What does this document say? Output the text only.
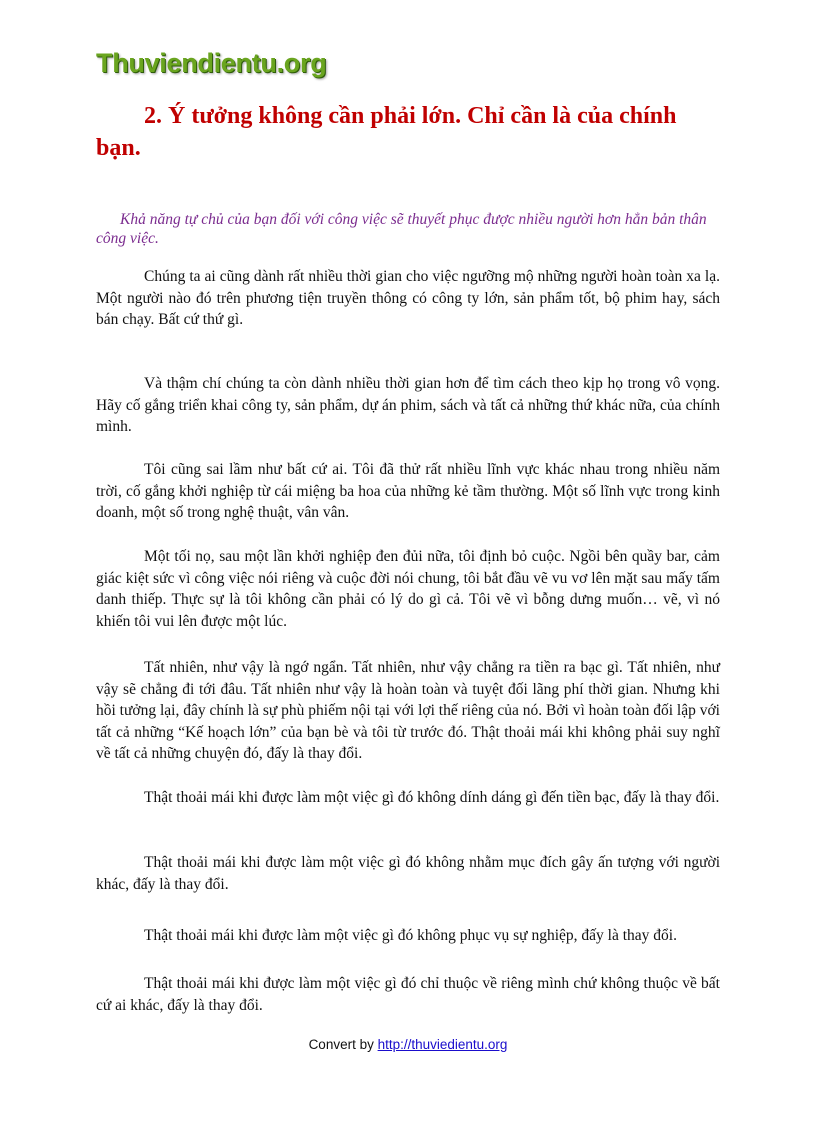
Thuviendientu.org
2. Ý tưởng không cần phải lớn. Chỉ cần là của chính bạn.

Khả năng tự chủ của bạn đối với công việc sẽ thuyết phục được nhiều người hơn hẳn bản thân công việc.

Chúng ta ai cũng dành rất nhiều thời gian cho việc ngưỡng mộ những người hoàn toàn xa lạ. Một người nào đó trên phương tiện truyền thông có công ty lớn, sản phẩm tốt, bộ phim hay, sách bán chạy. Bất cứ thứ gì.

Và thậm chí chúng ta còn dành nhiều thời gian hơn để tìm cách theo kịp họ trong vô vọng. Hãy cố gắng triển khai công ty, sản phẩm, dự án phim, sách và tất cả những thứ khác nữa, của chính mình.

Tôi cũng sai lầm như bất cứ ai. Tôi đã thử rất nhiều lĩnh vực khác nhau trong nhiều năm trời, cố gắng khởi nghiệp từ cái miệng ba hoa của những kẻ tầm thường. Một số lĩnh vực trong kinh doanh, một số trong nghệ thuật, vân vân.

Một tối nọ, sau một lần khởi nghiệp đen đủi nữa, tôi định bỏ cuộc. Ngồi bên quầy bar, cảm giác kiệt sức vì công việc nói riêng và cuộc đời nói chung, tôi bắt đầu vẽ vu vơ lên mặt sau mấy tấm danh thiếp. Thực sự là tôi không cần phải có lý do gì cả. Tôi vẽ vì bỗng dưng muốn… vẽ, vì nó khiến tôi vui lên được một lúc.

Tất nhiên, như vậy là ngớ ngẩn. Tất nhiên, như vậy chẳng ra tiền ra bạc gì. Tất nhiên, như vậy sẽ chẳng đi tới đâu. Tất nhiên như vậy là hoàn toàn và tuyệt đối lãng phí thời gian. Nhưng khi hồi tưởng lại, đây chính là sự phù phiếm nội tại với lợi thế riêng của nó. Bởi vì hoàn toàn đối lập với tất cả những “Kế hoạch lớn” của bạn bè và tôi từ trước đó. Thật thoải mái khi không phải suy nghĩ về tất cả những chuyện đó, đấy là thay đổi.

Thật thoải mái khi được làm một việc gì đó không dính dáng gì đến tiền bạc, đấy là thay đổi.

Thật thoải mái khi được làm một việc gì đó không nhằm mục đích gây ấn tượng với người khác, đấy là thay đổi.

Thật thoải mái khi được làm một việc gì đó không phục vụ sự nghiệp, đấy là thay đổi.

Thật thoải mái khi được làm một việc gì đó chỉ thuộc về riêng mình chứ không thuộc về bất cứ ai khác, đấy là thay đổi.

Convert by http://thuviedientu.org
